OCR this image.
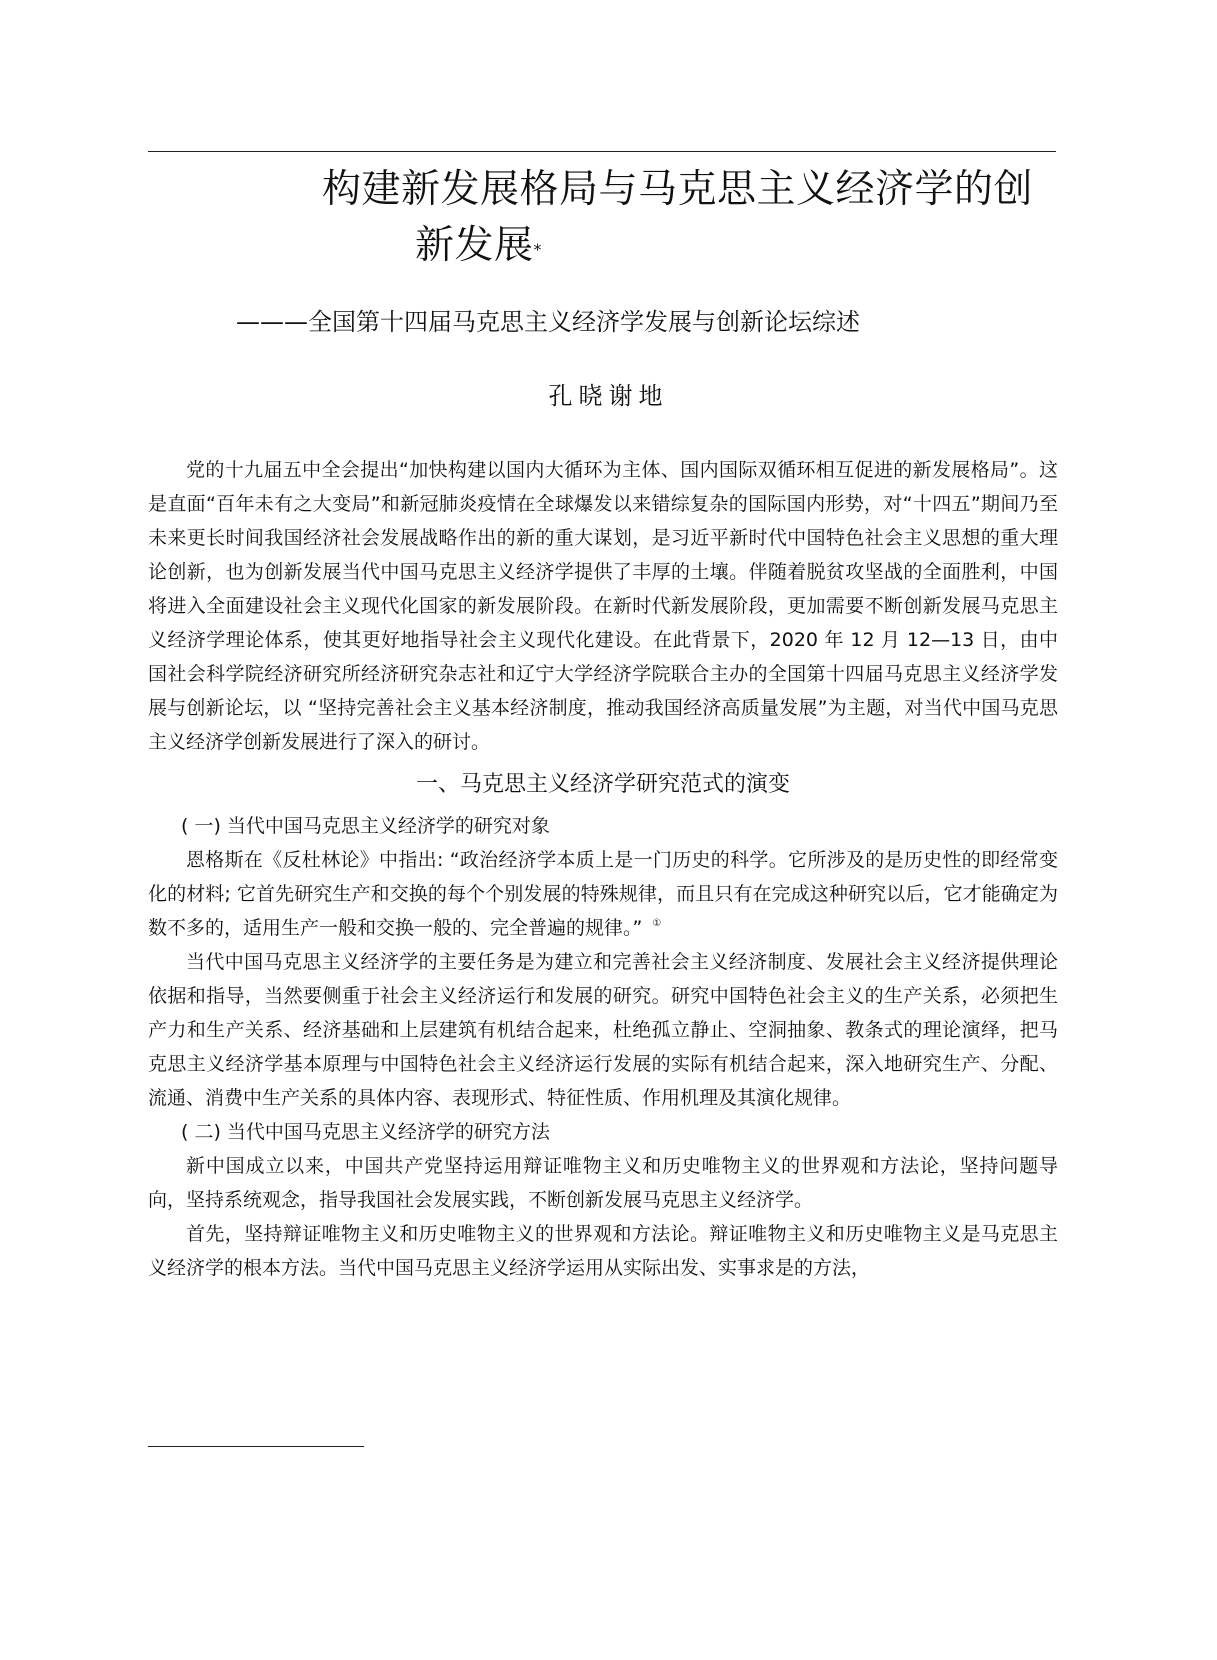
构建新发展格局与马克思主义经济学的创
新发展*
———全国第十四届马克思主义经济学发展与创新论坛综述
孔晓谢地

党的十九届五中全会提出“加快构建以国内大循环为主体、国内国际双循环相互促进的新发展格局”。这是直面“百年未有之大变局”和新冠肺炎疫情在全球爆发以来错综复杂的国际国内形势，对“十四五”期间乃至未来更长时间我国经济社会发展战略作出的新的重大谋划，是习近平新时代中国特色社会主义思想的重大理论创新，也为创新发展当代中国马克思主义经济学提供了丰厚的土壤。伴随着脱贫攻坚战的全面胜利，中国将进入全面建设社会主义现代化国家的新发展阶段。在新时代新发展阶段，更加需要不断创新发展马克思主义经济学理论体系，使其更好地指导社会主义现代化建设。在此背景下，2020 年 12 月 12—13 日，由中国社会科学院经济研究所经济研究杂志社和辽宁大学经济学院联合主办的全国第十四届马克思主义经济学发展与创新论坛，以 “坚持完善社会主义基本经济制度，推动我国经济高质量发展”为主题，对当代中国马克思主义经济学创新发展进行了深入的研讨。

一、马克思主义经济学研究范式的演变

( 一) 当代中国马克思主义经济学的研究对象

恩格斯在《反杜林论》中指出: “政治经济学本质上是一门历史的科学。它所涉及的是历史性的即经常变化的材料; 它首先研究生产和交换的每个个别发展的特殊规律，而且只有在完成这种研究以后，它才能确定为数不多的，适用生产一般和交换一般的、完全普遍的规律。” ①

当代中国马克思主义经济学的主要任务是为建立和完善社会主义经济制度、发展社会主义经济提供理论依据和指导，当然要侧重于社会主义经济运行和发展的研究。研究中国特色社会主义的生产关系，必须把生产力和生产关系、经济基础和上层建筑有机结合起来，杜绝孤立静止、空洞抽象、教条式的理论演绎，把马克思主义经济学基本原理与中国特色社会主义经济运行发展的实际有机结合起来，深入地研究生产、分配、流通、消费中生产关系的具体内容、表现形式、特征性质、作用机理及其演化规律。

( 二) 当代中国马克思主义经济学的研究方法

新中国成立以来，中国共产党坚持运用辩证唯物主义和历史唯物主义的世界观和方法论，坚持问题导向，坚持系统观念，指导我国社会发展实践，不断创新发展马克思主义经济学。

首先，坚持辩证唯物主义和历史唯物主义的世界观和方法论。辩证唯物主义和历史唯物主义是马克思主义经济学的根本方法。当代中国马克思主义经济学运用从实际出发、实事求是的方法，
